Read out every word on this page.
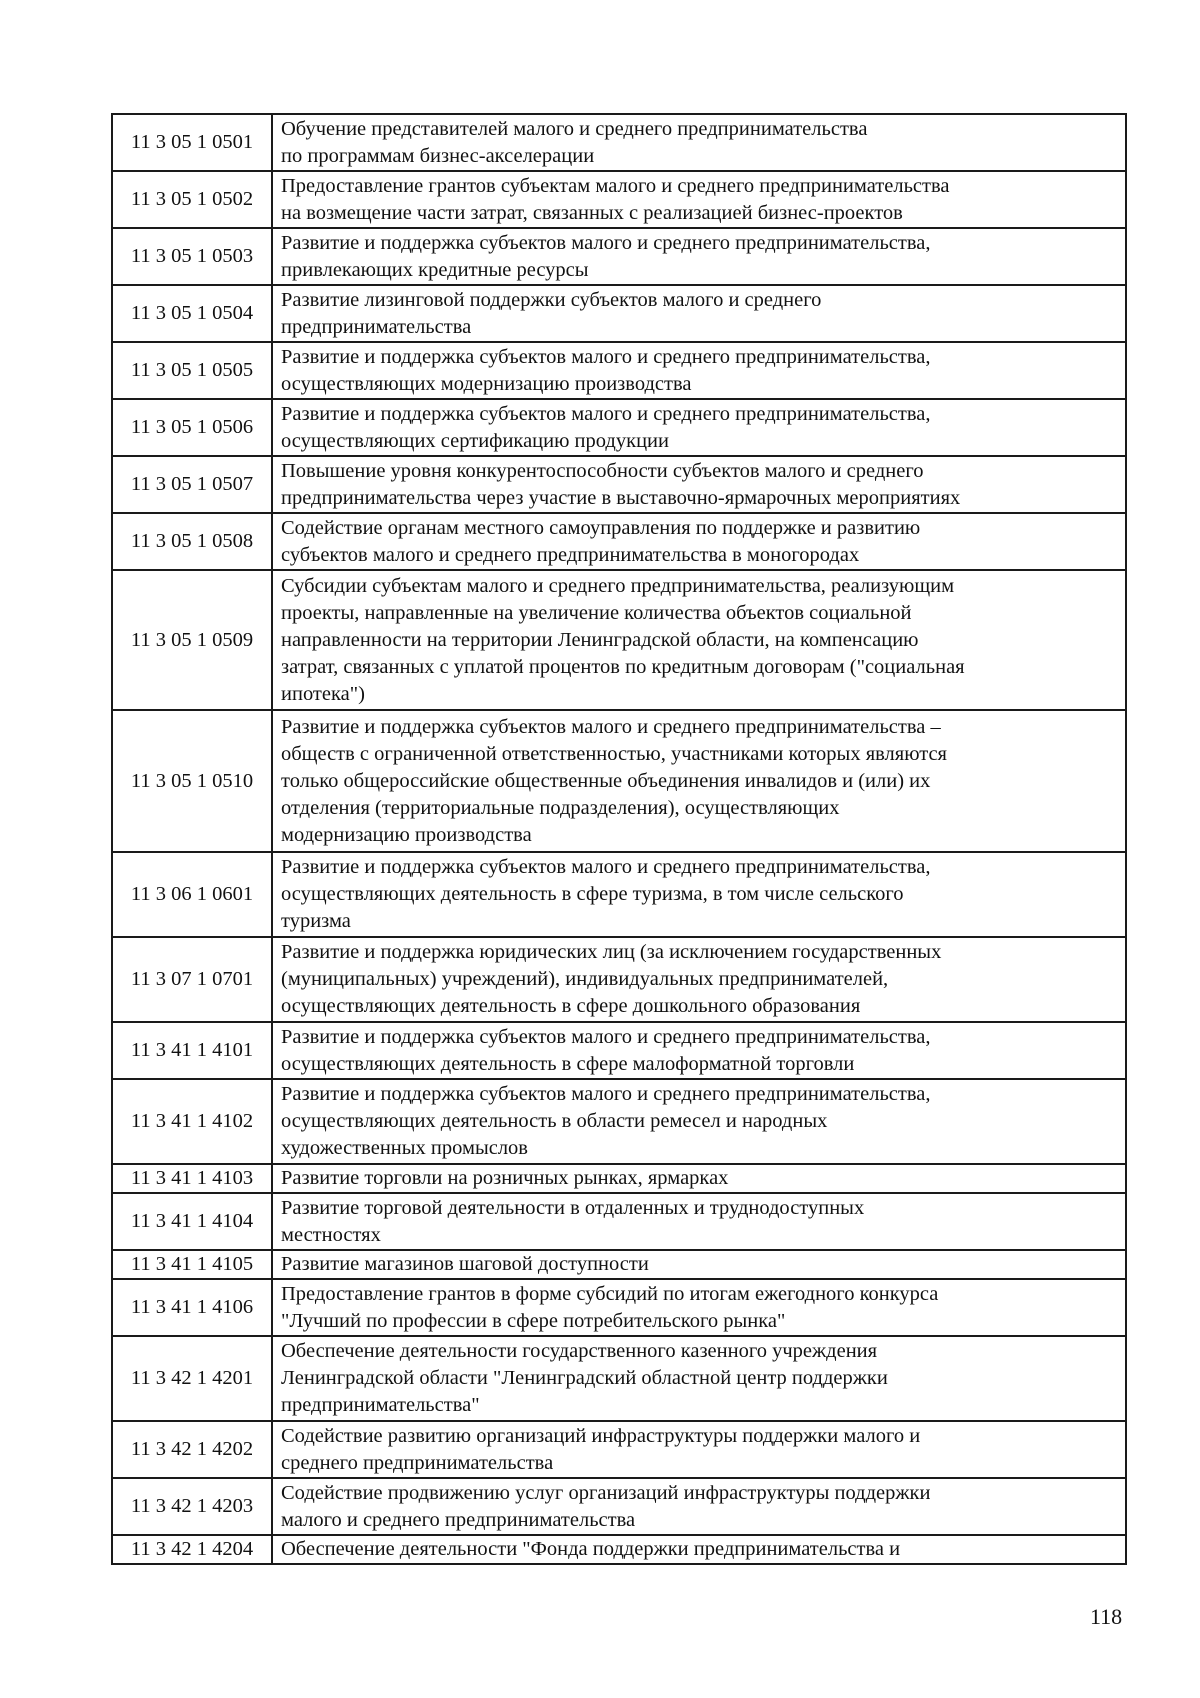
11 3 05 1 0501	Обучение представителей малого и среднего предпринимательства
по программам бизнес-акселерации
11 3 05 1 0502	Предоставление грантов субъектам малого и среднего предпринимательства
на возмещение части затрат, связанных с реализацией бизнес-проектов
11 3 05 1 0503	Развитие и поддержка субъектов малого и среднего предпринимательства,
привлекающих кредитные ресурсы
11 3 05 1 0504	Развитие лизинговой поддержки субъектов малого и среднего
предпринимательства
11 3 05 1 0505	Развитие и поддержка субъектов малого и среднего предпринимательства,
осуществляющих модернизацию производства
11 3 05 1 0506	Развитие и поддержка субъектов малого и среднего предпринимательства,
осуществляющих сертификацию продукции
11 3 05 1 0507	Повышение уровня конкурентоспособности субъектов малого и среднего
предпринимательства через участие в выставочно-ярмарочных мероприятиях
11 3 05 1 0508	Содействие органам местного самоуправления по поддержке и развитию
субъектов малого и среднего предпринимательства в моногородах
11 3 05 1 0509	Субсидии субъектам малого и среднего предпринимательства, реализующим
проекты, направленные на увеличение количества объектов социальной
направленности на территории Ленинградской области, на компенсацию
затрат, связанных с уплатой процентов по кредитным договорам ("социальная
ипотека")
11 3 05 1 0510	Развитие и поддержка субъектов малого и среднего предпринимательства –
обществ с ограниченной ответственностью, участниками которых являются
только общероссийские общественные объединения инвалидов и (или) их
отделения (территориальные подразделения), осуществляющих
модернизацию производства
11 3 06 1 0601	Развитие и поддержка субъектов малого и среднего предпринимательства,
осуществляющих деятельность в сфере туризма, в том числе сельского
туризма
11 3 07 1 0701	Развитие и поддержка юридических лиц (за исключением государственных
(муниципальных) учреждений), индивидуальных предпринимателей,
осуществляющих деятельность в сфере дошкольного образования
11 3 41 1 4101	Развитие и поддержка субъектов малого и среднего предпринимательства,
осуществляющих деятельность в сфере малоформатной торговли
11 3 41 1 4102	Развитие и поддержка субъектов малого и среднего предпринимательства,
осуществляющих деятельность в области ремесел и народных
художественных промыслов
11 3 41 1 4103	Развитие торговли на розничных рынках, ярмарках
11 3 41 1 4104	Развитие торговой деятельности в отдаленных и труднодоступных
местностях
11 3 41 1 4105	Развитие магазинов шаговой доступности
11 3 41 1 4106	Предоставление грантов в форме субсидий по итогам ежегодного конкурса
"Лучший по профессии в сфере потребительского рынка"
11 3 42 1 4201	Обеспечение деятельности государственного казенного учреждения
Ленинградской области "Ленинградский областной центр поддержки
предпринимательства"
11 3 42 1 4202	Содействие развитию организаций инфраструктуры поддержки малого и
среднего предпринимательства
11 3 42 1 4203	Содействие продвижению услуг организаций инфраструктуры поддержки
малого и среднего предпринимательства
11 3 42 1 4204	Обеспечение деятельности "Фонда поддержки предпринимательства и
118
